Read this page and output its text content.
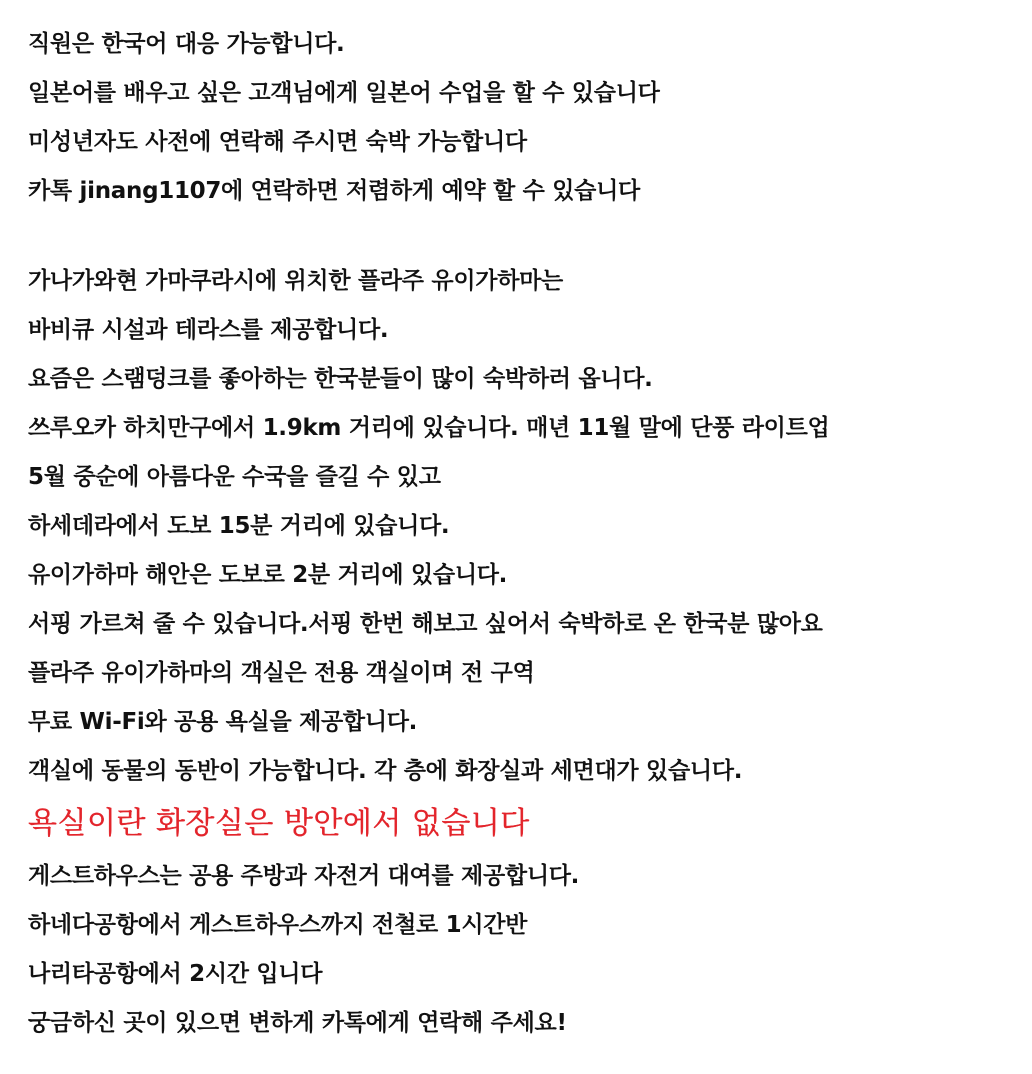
직원은 한국어 대응 가능합니다.
일본어를 배우고 싶은 고객님에게 일본어 수업을 할 수 있습니다
미성년자도 사전에 연락해 주시면 숙박 가능합니다
카톡 jinang1107에 연락하면 저렴하게 예약 할 수 있습니다
가나가와현 가마쿠라시에 위치한 플라주 유이가하마는
바비큐 시설과 테라스를 제공합니다.
요즘은 스램덩크를 좋아하는 한국분들이 많이 숙박하러 옵니다.
쓰루오카 하치만구에서 1.9km 거리에 있습니다. 매년 11월 말에 단풍 라이트업
5월 중순에 아름다운 수국을 즐길 수 있고
하세데라에서 도보 15분 거리에 있습니다.
유이가하마 해안은 도보로 2분 거리에 있습니다.
서핑 가르쳐 줄 수 있습니다.서핑 한번 해보고 싶어서 숙박하로 온 한국분 많아요
플라주 유이가하마의 객실은 전용 객실이며 전 구역
무료 Wi-Fi와 공용 욕실을 제공합니다.
객실에 동물의 동반이 가능합니다. 각 층에 화장실과 세면대가 있습니다.
욕실이란 화장실은 방안에서 없습니다
게스트하우스는 공용 주방과 자전거 대여를 제공합니다.
하네다공항에서 게스트하우스까지 전철로 1시간반
나리타공항에서 2시간 입니다
궁금하신 곳이 있으면 변하게 카톡에게 연락해 주세요!
